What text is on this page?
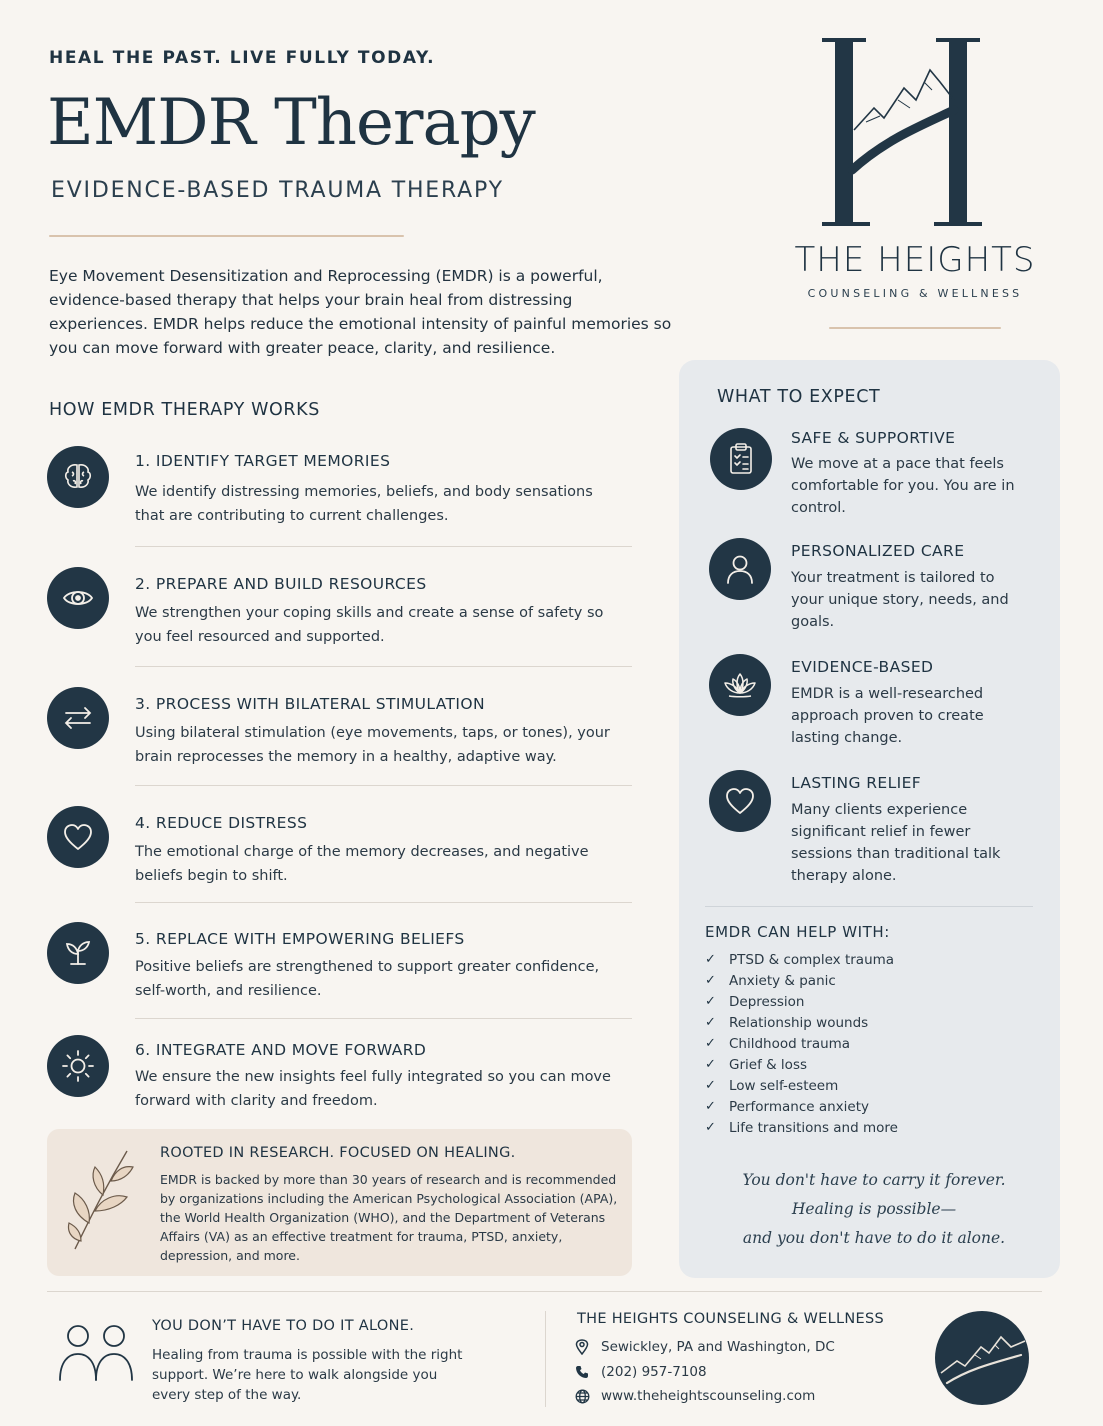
HEAL THE PAST. LIVE FULLY TODAY.
EMDR Therapy
EVIDENCE-BASED TRAUMA THERAPY
Eye Movement Desensitization and Reprocessing (EMDR) is a powerful, evidence-based therapy that helps your brain heal from distressing experiences. EMDR helps reduce the emotional intensity of painful memories so you can move forward with greater peace, clarity, and resilience.
THE HEIGHTS
COUNSELING & WELLNESS
HOW EMDR THERAPY WORKS
1. IDENTIFY TARGET MEMORIES
We identify distressing memories, beliefs, and body sensations that are contributing to current challenges.
2. PREPARE AND BUILD RESOURCES
We strengthen your coping skills and create a sense of safety so you feel resourced and supported.
3. PROCESS WITH BILATERAL STIMULATION
Using bilateral stimulation (eye movements, taps, or tones), your brain reprocesses the memory in a healthy, adaptive way.
4. REDUCE DISTRESS
The emotional charge of the memory decreases, and negative beliefs begin to shift.
5. REPLACE WITH EMPOWERING BELIEFS
Positive beliefs are strengthened to support greater confidence, self-worth, and resilience.
6. INTEGRATE AND MOVE FORWARD
We ensure the new insights feel fully integrated so you can move forward with clarity and freedom.
ROOTED IN RESEARCH. FOCUSED ON HEALING.
EMDR is backed by more than 30 years of research and is recommended by organizations including the American Psychological Association (APA), the World Health Organization (WHO), and the Department of Veterans Affairs (VA) as an effective treatment for trauma, PTSD, anxiety, depression, and more.
WHAT TO EXPECT
SAFE & SUPPORTIVE
We move at a pace that feels comfortable for you. You are in control.
PERSONALIZED CARE
Your treatment is tailored to your unique story, needs, and goals.
EVIDENCE-BASED
EMDR is a well-researched approach proven to create lasting change.
LASTING RELIEF
Many clients experience significant relief in fewer sessions than traditional talk therapy alone.
EMDR CAN HELP WITH:
✓ PTSD & complex trauma
✓ Anxiety & panic
✓ Depression
✓ Relationship wounds
✓ Childhood trauma
✓ Grief & loss
✓ Low self-esteem
✓ Performance anxiety
✓ Life transitions and more
You don't have to carry it forever.
Healing is possible—
and you don't have to do it alone.
YOU DON’T HAVE TO DO IT ALONE.
Healing from trauma is possible with the right support. We’re here to walk alongside you every step of the way.
THE HEIGHTS COUNSELING & WELLNESS
Sewickley, PA and Washington, DC
(202) 957-7108
www.theheightscounseling.com
